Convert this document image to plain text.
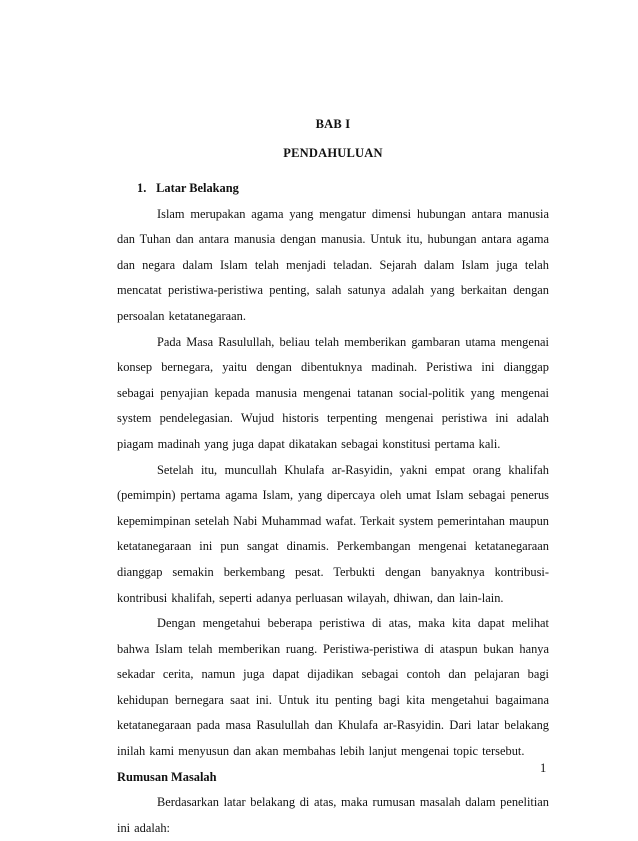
BAB I
PENDAHULUAN
1. Latar Belakang

Islam merupakan agama yang mengatur dimensi hubungan antara manusia dan Tuhan dan antara manusia dengan manusia. Untuk itu, hubungan antara agama dan negara dalam Islam telah menjadi teladan. Sejarah dalam Islam juga telah mencatat peristiwa-peristiwa penting, salah satunya adalah yang berkaitan dengan persoalan ketatanegaraan.

Pada Masa Rasulullah, beliau telah memberikan gambaran utama mengenai konsep bernegara, yaitu dengan dibentuknya madinah. Peristiwa ini dianggap sebagai penyajian kepada manusia mengenai tatanan social-politik yang mengenai system pendelegasian. Wujud historis terpenting mengenai peristiwa ini adalah piagam madinah yang juga dapat dikatakan sebagai konstitusi pertama kali.

Setelah itu, muncullah Khulafa ar-Rasyidin, yakni empat orang khalifah (pemimpin) pertama agama Islam, yang dipercaya oleh umat Islam sebagai penerus kepemimpinan setelah Nabi Muhammad wafat. Terkait system pemerintahan maupun ketatanegaraan ini pun sangat dinamis. Perkembangan mengenai ketatanegaraan dianggap semakin berkembang pesat. Terbukti dengan banyaknya kontribusi-kontribusi khalifah, seperti adanya perluasan wilayah, dhiwan, dan lain-lain.

Dengan mengetahui beberapa peristiwa di atas, maka kita dapat melihat bahwa Islam telah memberikan ruang. Peristiwa-peristiwa di ataspun bukan hanya sekadar cerita, namun juga dapat dijadikan sebagai contoh dan pelajaran bagi kehidupan bernegara saat ini. Untuk itu penting bagi kita mengetahui bagaimana ketatanegaraan pada masa Rasulullah dan Khulafa ar-Rasyidin. Dari latar belakang inilah kami menyusun dan akan membahas lebih lanjut mengenai topic tersebut.

Rumusan Masalah

Berdasarkan latar belakang di atas, maka rumusan masalah dalam penelitian ini adalah:

1
